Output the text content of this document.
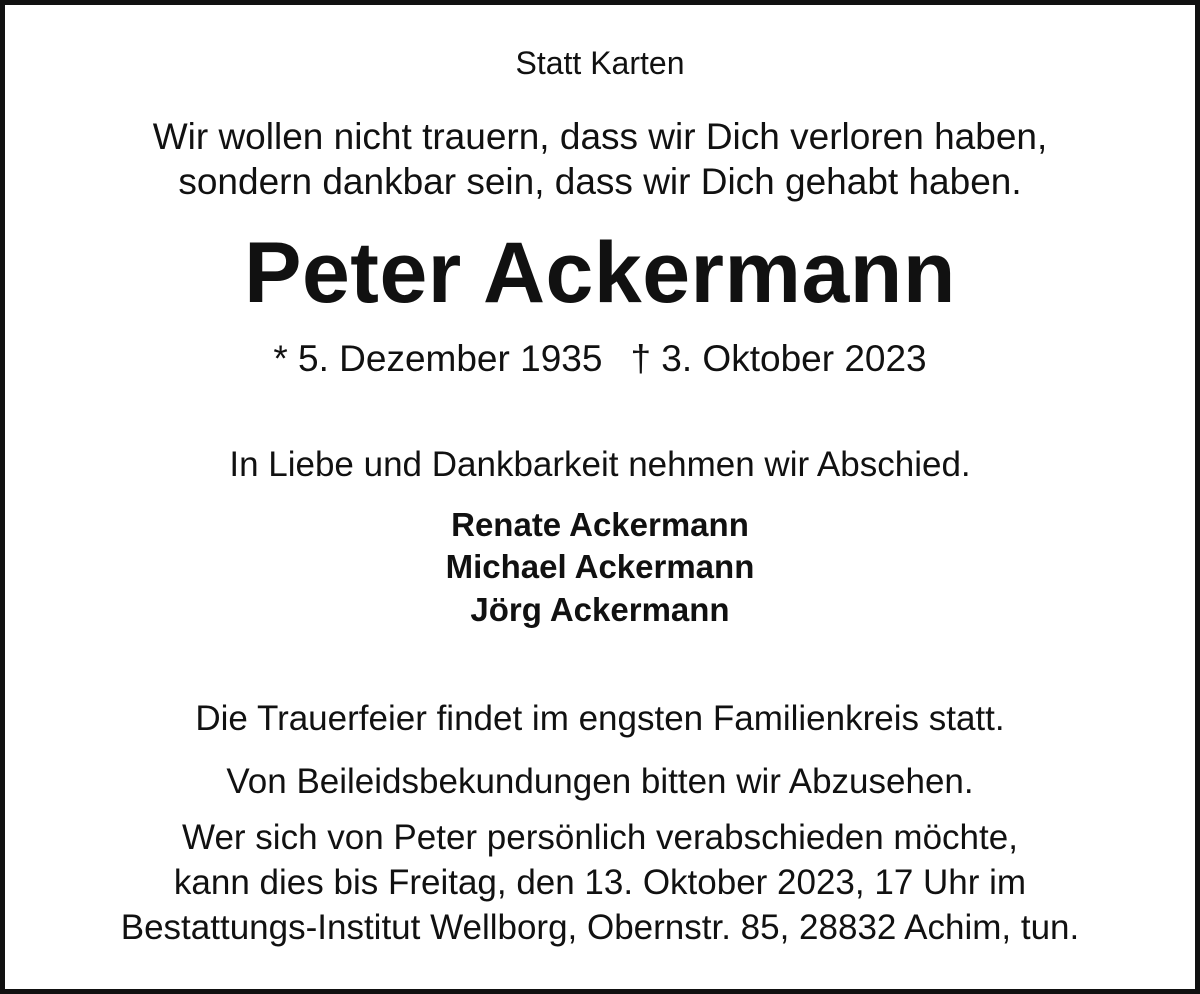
Statt Karten
Wir wollen nicht trauern, dass wir Dich verloren haben,
sondern dankbar sein, dass wir Dich gehabt haben.
Peter Ackermann
* 5. Dezember 1935 † 3. Oktober 2023
In Liebe und Dankbarkeit nehmen wir Abschied.
Renate Ackermann
Michael Ackermann
Jörg Ackermann
Die Trauerfeier findet im engsten Familienkreis statt.
Von Beileidsbekundungen bitten wir Abzusehen.
Wer sich von Peter persönlich verabschieden möchte,
kann dies bis Freitag, den 13. Oktober 2023, 17 Uhr im
Bestattungs-Institut Wellborg, Obernstr. 85, 28832 Achim, tun.
